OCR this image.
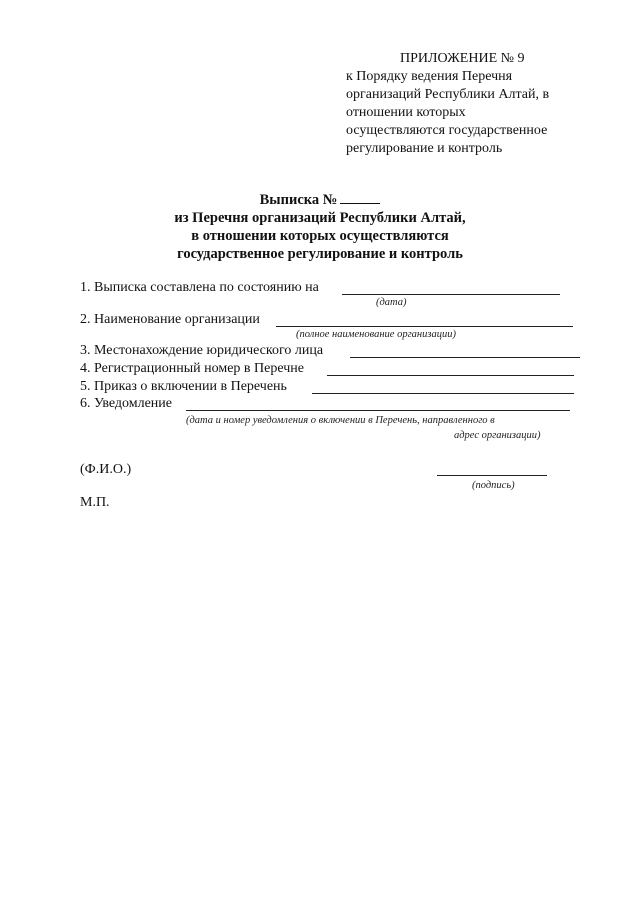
ПРИЛОЖЕНИЕ № 9
к Порядку ведения Перечня
организаций Республики Алтай, в
отношении которых
осуществляются государственное
регулирование и контроль
Выписка №
из Перечня организаций Республики Алтай,
в отношении которых осуществляются
государственное регулирование и контроль
1. Выписка составлена по состоянию на
(дата)
2. Наименование организации
(полное наименование организации)
3. Местонахождение юридического лица
4. Регистрационный номер в Перечне
5. Приказ о включении в Перечень
6. Уведомление
(дата и номер уведомления о включении в Перечень, направленного в
адрес организации)
(Ф.И.О.)
(подпись)
М.П.
